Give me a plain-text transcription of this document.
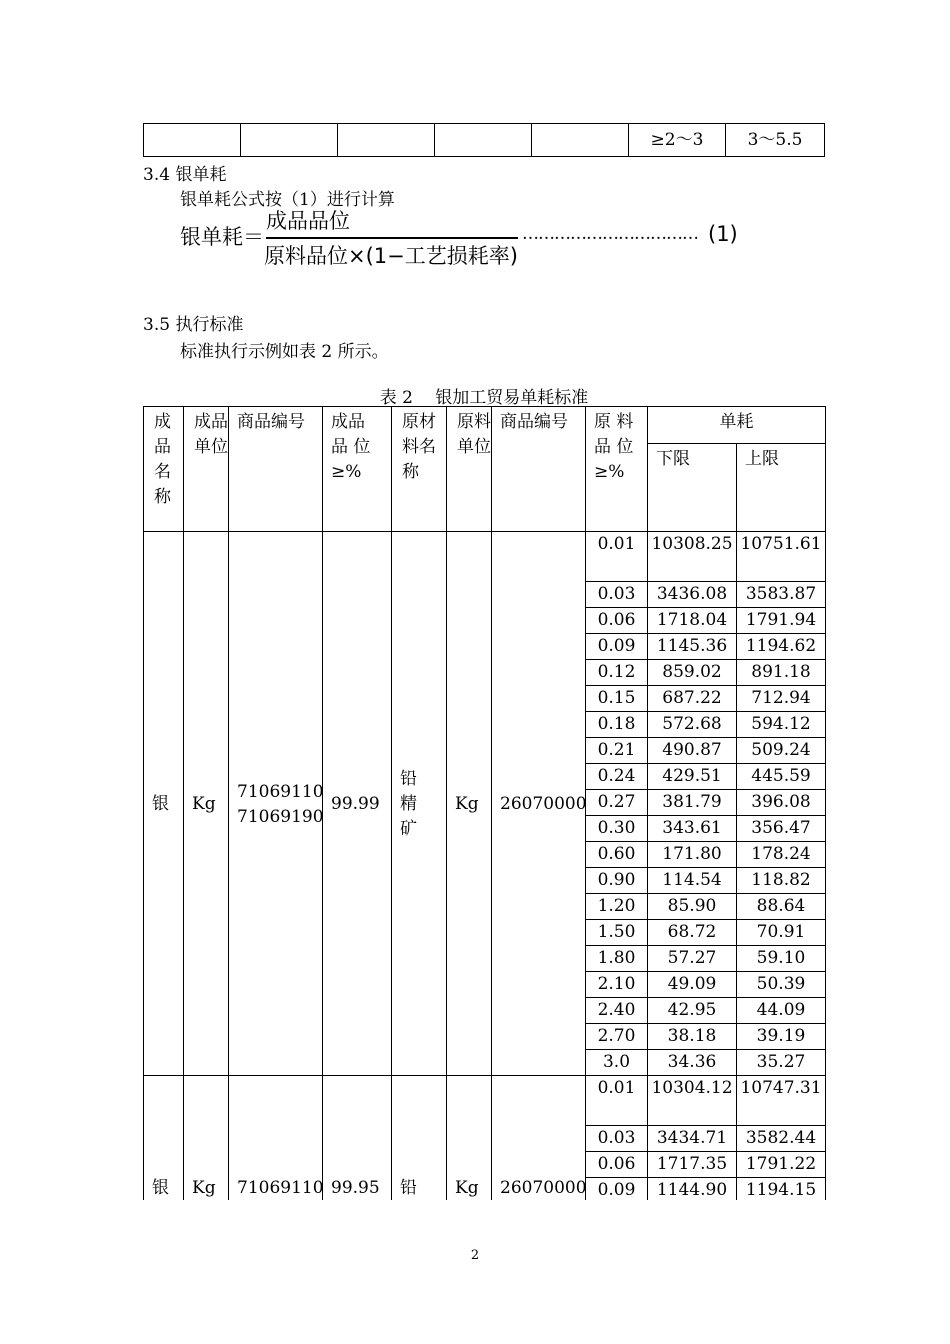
					≥2～3	3～5.5
3.4 银单耗
银单耗公式按（1）进行计算
银单耗＝
成品品位
原料品位×(1−工艺损耗率)
…………………………… (1)
3.5 执行标准
标准执行示例如表 2 所示。
表 2　 银加工贸易单耗标准
成品名称	成品单位	商品编号	成品 品 位 ≥%	原材料名称	原料单位	商品编号	原 料 品 位 ≥%	单耗	
								下限	上限
银	Kg	71069110 71069190	99.99	铅精矿	Kg	26070000	0.01	10308.25	10751.61
							0.03	3436.08	3583.87
							0.06	1718.04	1791.94
							0.09	1145.36	1194.62
							0.12	859.02	891.18
							0.15	687.22	712.94
							0.18	572.68	594.12
							0.21	490.87	509.24
							0.24	429.51	445.59
							0.27	381.79	396.08
							0.30	343.61	356.47
							0.60	171.80	178.24
							0.90	114.54	118.82
							1.20	85.90	88.64
							1.50	68.72	70.91
							1.80	57.27	59.10
							2.10	49.09	50.39
							2.40	42.95	44.09
							2.70	38.18	39.19
							3.0	34.36	35.27
银	Kg	71069110	99.95	铅	Kg	26070000	0.01	10304.12	10747.31
							0.03	3434.71	3582.44
							0.06	1717.35	1791.22
							0.09	1144.90	1194.15
2
